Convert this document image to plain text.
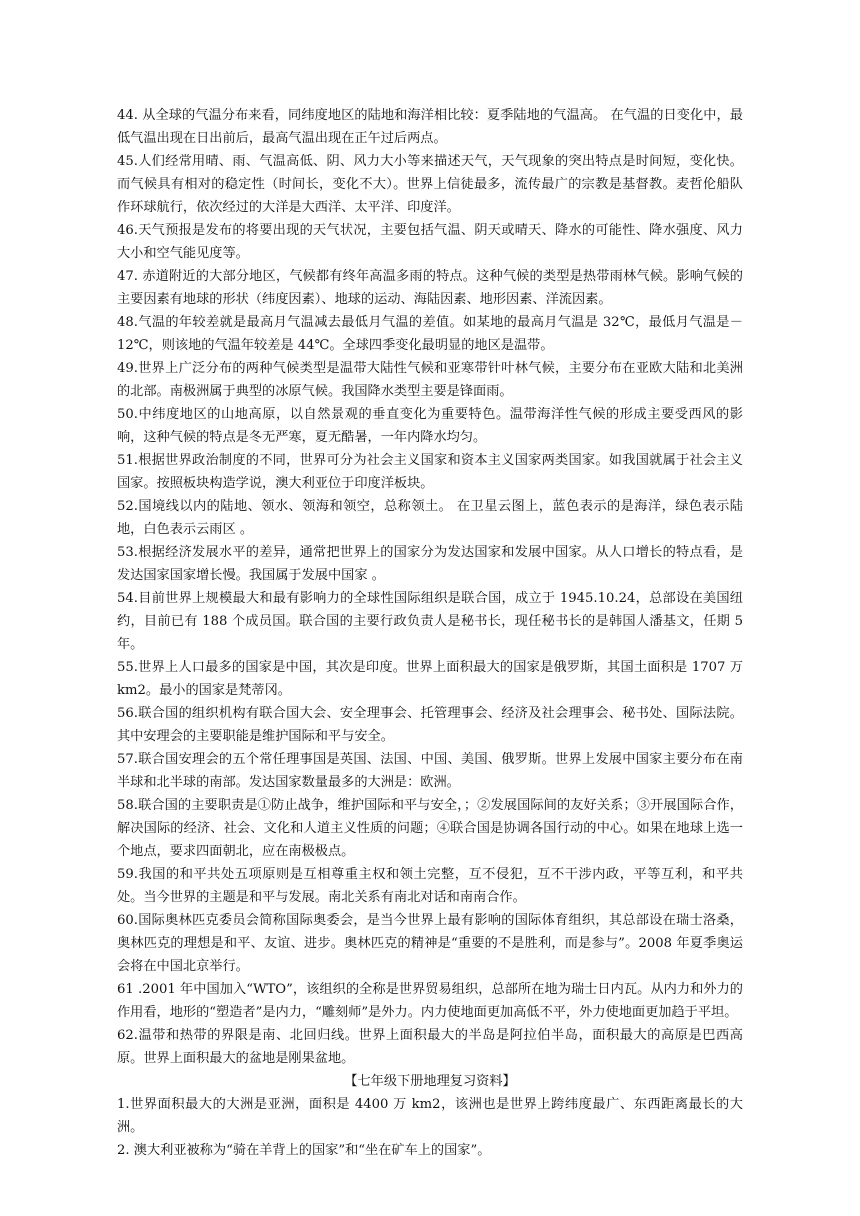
44. 从全球的气温分布来看，同纬度地区的陆地和海洋相比较：夏季陆地的气温高。 在气温的日变化中，最低气温出现在日出前后，最高气温出现在正午过后两点。

45.人们经常用晴、雨、气温高低、阴、风力大小等来描述天气，天气现象的突出特点是时间短，变化快。而气候具有相对的稳定性（时间长，变化不大）。世界上信徒最多，流传最广的宗教是基督教。麦哲伦船队作环球航行，依次经过的大洋是大西洋、太平洋、印度洋。

46.天气预报是发布的将要出现的天气状况，主要包括气温、阴天或晴天、降水的可能性、降水强度、风力大小和空气能见度等。

47. 赤道附近的大部分地区，气候都有终年高温多雨的特点。这种气候的类型是热带雨林气候。影响气候的主要因素有地球的形状（纬度因素）、地球的运动、海陆因素、地形因素、洋流因素。

48.气温的年较差就是最高月气温减去最低月气温的差值。如某地的最高月气温是 32℃，最低月气温是－12℃，则该地的气温年较差是 44℃。全球四季变化最明显的地区是温带。

49.世界上广泛分布的两种气候类型是温带大陆性气候和亚寒带针叶林气候，主要分布在亚欧大陆和北美洲的北部。南极洲属于典型的冰原气候。我国降水类型主要是锋面雨。

50.中纬度地区的山地高原，以自然景观的垂直变化为重要特色。温带海洋性气候的形成主要受西风的影响，这种气候的特点是冬无严寒，夏无酷暑，一年内降水均匀。

51.根据世界政治制度的不同，世界可分为社会主义国家和资本主义国家两类国家。如我国就属于社会主义国家。按照板块构造学说，澳大利亚位于印度洋板块。

52.国境线以内的陆地、领水、领海和领空，总称领土。 在卫星云图上，蓝色表示的是海洋，绿色表示陆地，白色表示云雨区 。

53.根据经济发展水平的差异，通常把世界上的国家分为发达国家和发展中国家。从人口增长的特点看，是发达国家国家增长慢。我国属于发展中国家 。

54.目前世界上规模最大和最有影响力的全球性国际组织是联合国，成立于 1945.10.24，总部设在美国纽约，目前已有 188 个成员国。联合国的主要行政负责人是秘书长，现任秘书长的是韩国人潘基文，任期 5 年。

55.世界上人口最多的国家是中国，其次是印度。世界上面积最大的国家是俄罗斯，其国土面积是 1707 万 km2。最小的国家是梵蒂冈。

56.联合国的组织机构有联合国大会、安全理事会、托管理事会、经济及社会理事会、秘书处、国际法院。其中安理会的主要职能是维护国际和平与安全。

57.联合国安理会的五个常任理事国是英国、法国、中国、美国、俄罗斯。世界上发展中国家主要分布在南半球和北半球的南部。发达国家数量最多的大洲是：欧洲。

58.联合国的主要职责是①防止战争，维护国际和平与安全，；②发展国际间的友好关系；③开展国际合作，解决国际的经济、社会、文化和人道主义性质的问题；④联合国是协调各国行动的中心。如果在地球上选一个地点，要求四面朝北，应在南极极点。

59.我国的和平共处五项原则是互相尊重主权和领土完整，互不侵犯，互不干涉内政，平等互利，和平共处。当今世界的主题是和平与发展。南北关系有南北对话和南南合作。

60.国际奥林匹克委员会简称国际奥委会，是当今世界上最有影响的国际体育组织，其总部设在瑞士洛桑，奥林匹克的理想是和平、友谊、进步。奥林匹克的精神是“重要的不是胜利，而是参与”。2008 年夏季奥运会将在中国北京举行。

61 .2001 年中国加入“WTO”，该组织的全称是世界贸易组织，总部所在地为瑞士日内瓦。从内力和外力的作用看，地形的“塑造者”是内力，“雕刻师”是外力。内力使地面更加高低不平，外力使地面更加趋于平坦。

62.温带和热带的界限是南、北回归线。世界上面积最大的半岛是阿拉伯半岛，面积最大的高原是巴西高原。世界上面积最大的盆地是刚果盆地。

【七年级下册地理复习资料】

1.世界面积最大的大洲是亚洲，面积是 4400 万 km2，该洲也是世界上跨纬度最广、东西距离最长的大洲。

2. 澳大利亚被称为“骑在羊背上的国家”和“坐在矿车上的国家”。
